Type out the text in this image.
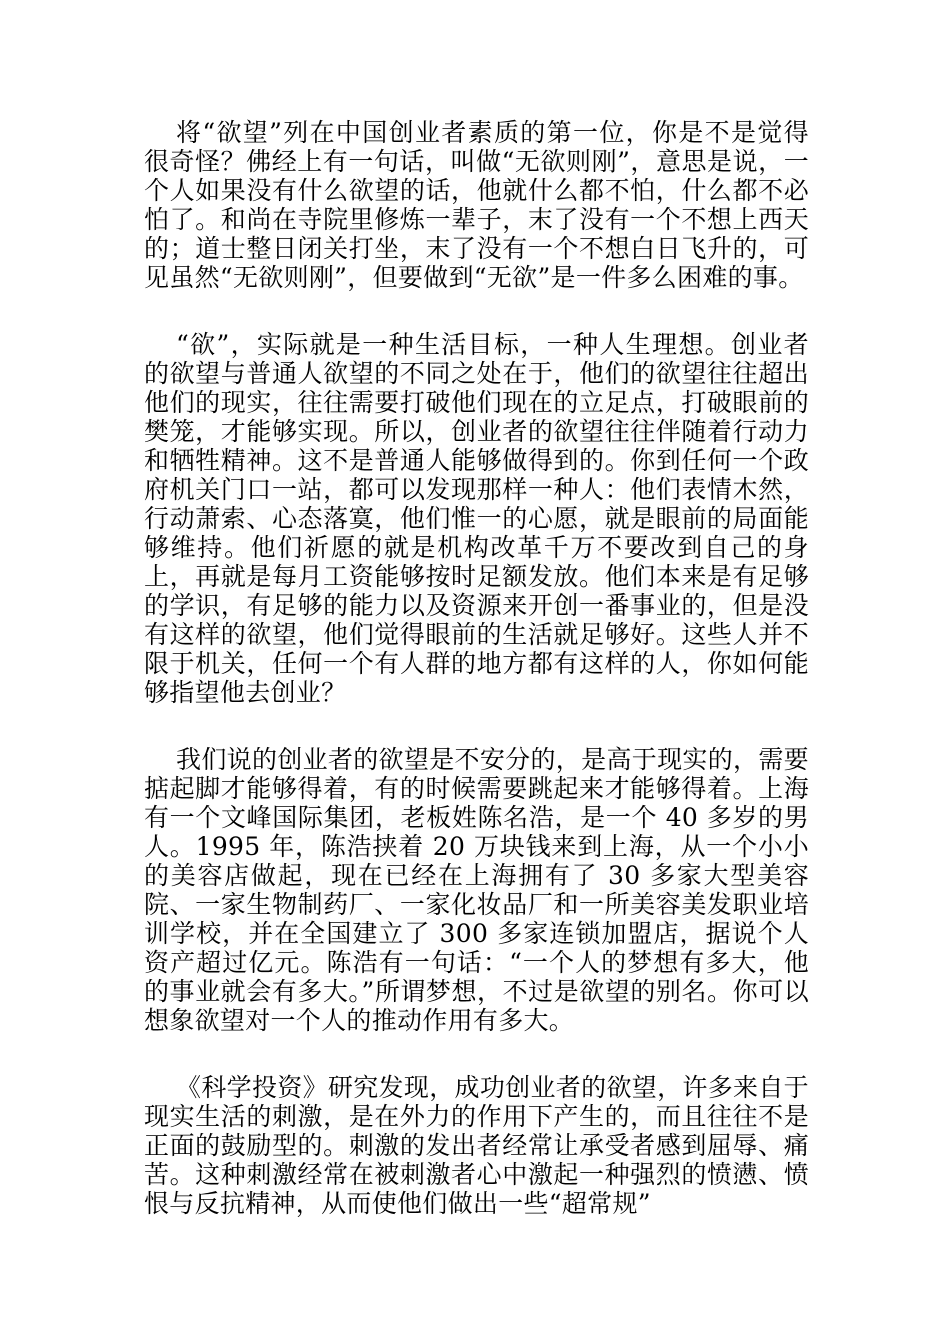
将“欲望”列在中国创业者素质的第一位，你是不是觉得很奇怪？佛经上有一句话，叫做“无欲则刚”，意思是说，一个人如果没有什么欲望的话，他就什么都不怕，什么都不必怕了。和尚在寺院里修炼一辈子，末了没有一个不想上西天的；道士整日闭关打坐，末了没有一个不想白日飞升的，可见虽然“无欲则刚”，但要做到“无欲”是一件多么困难的事。

“欲”，实际就是一种生活目标，一种人生理想。创业者的欲望与普通人欲望的不同之处在于，他们的欲望往往超出他们的现实，往往需要打破他们现在的立足点，打破眼前的樊笼，才能够实现。所以，创业者的欲望往往伴随着行动力和牺牲精神。这不是普通人能够做得到的。你到任何一个政府机关门口一站，都可以发现那样一种人：他们表情木然，行动萧索、心态落寞，他们惟一的心愿，就是眼前的局面能够维持。他们祈愿的就是机构改革千万不要改到自己的身上，再就是每月工资能够按时足额发放。他们本来是有足够的学识，有足够的能力以及资源来开创一番事业的，但是没有这样的欲望，他们觉得眼前的生活就足够好。这些人并不限于机关，任何一个有人群的地方都有这样的人，你如何能够指望他去创业？

我们说的创业者的欲望是不安分的，是高于现实的，需要掂起脚才能够得着，有的时候需要跳起来才能够得着。上海有一个文峰国际集团，老板姓陈名浩，是一个 40 多岁的男人。1995 年，陈浩挟着 20 万块钱来到上海，从一个小小的美容店做起，现在已经在上海拥有了 30 多家大型美容院、一家生物制药厂、一家化妆品厂和一所美容美发职业培训学校，并在全国建立了 300 多家连锁加盟店，据说个人资产超过亿元。陈浩有一句话：“一个人的梦想有多大，他的事业就会有多大。”所谓梦想，不过是欲望的别名。你可以想象欲望对一个人的推动作用有多大。

《科学投资》研究发现，成功创业者的欲望，许多来自于现实生活的刺激，是在外力的作用下产生的，而且往往不是正面的鼓励型的。刺激的发出者经常让承受者感到屈辱、痛苦。这种刺激经常在被刺激者心中激起一种强烈的愤懑、愤恨与反抗精神，从而使他们做出一些“超常规”
